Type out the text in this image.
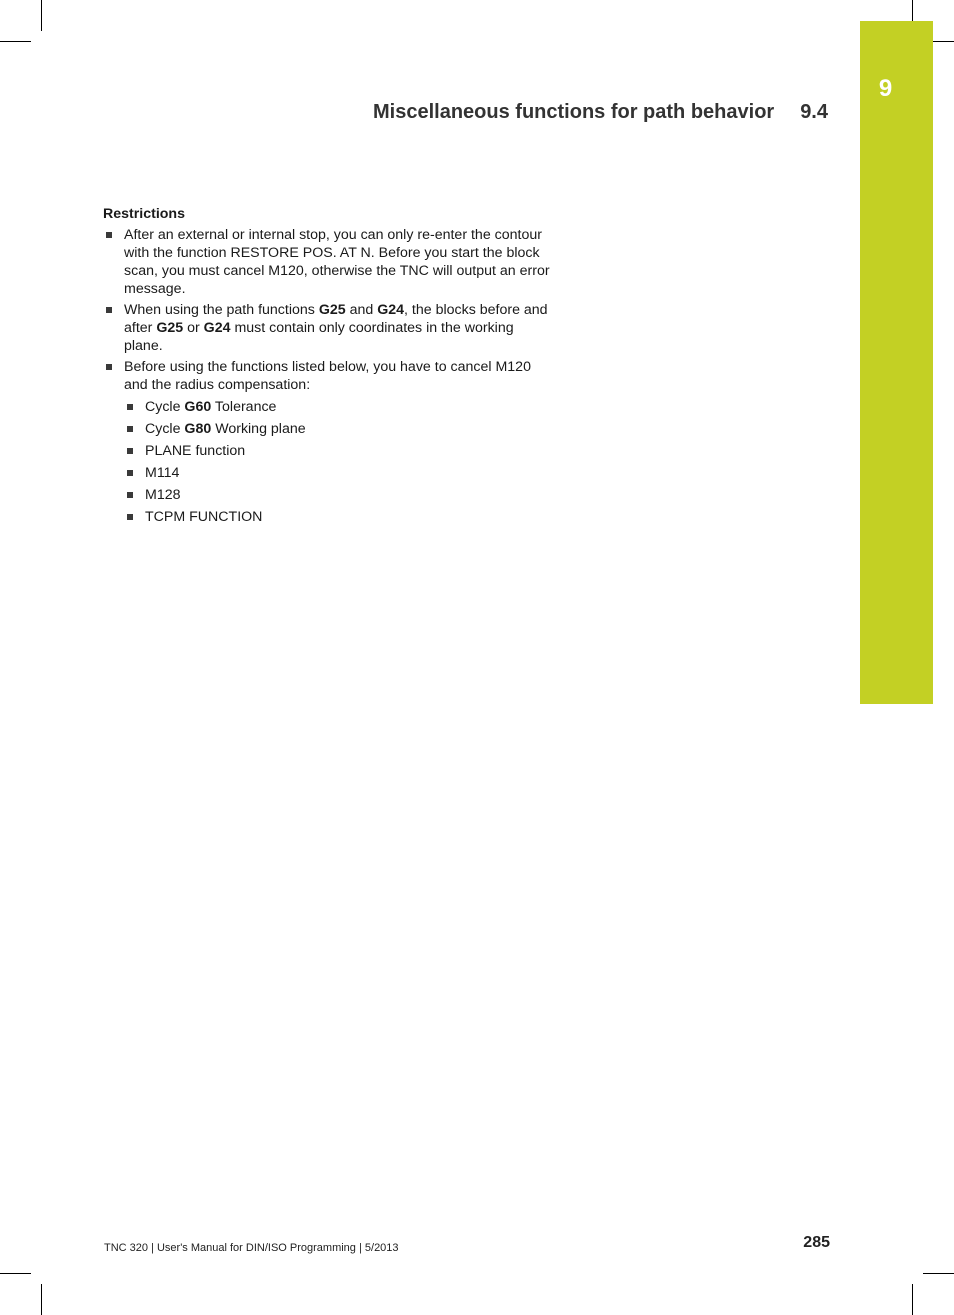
9
Miscellaneous functions for path behavior 9.4
Restrictions
After an external or internal stop, you can only re-enter the contour with the function RESTORE POS. AT N. Before you start the block scan, you must cancel M120, otherwise the TNC will output an error message.
When using the path functions G25 and G24, the blocks before and after G25 or G24 must contain only coordinates in the working plane.
Before using the functions listed below, you have to cancel M120 and the radius compensation:
Cycle G60 Tolerance
Cycle G80 Working plane
PLANE function
M114
M128
TCPM FUNCTION
TNC 320 | User's Manual for DIN/ISO Programming | 5/2013	285
